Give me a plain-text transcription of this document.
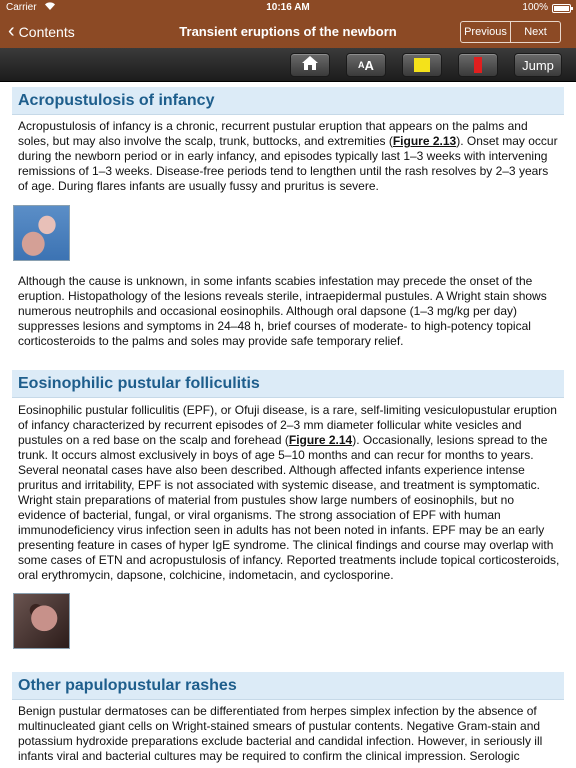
Carrier	10:16 AM	100%
‹ Contents	Transient eruptions of the newborn	Previous	Next
A A	Jump
Acropustulosis of infancy
Acropustulosis of infancy is a chronic, recurrent pustular eruption that appears on the palms and soles, but may also involve the scalp, trunk, buttocks, and extremities (Figure 2.13). Onset may occur during the newborn period or in early infancy, and episodes typically last 1–3 weeks with intervening remissions of 1–3 weeks. Disease-free periods tend to lengthen until the rash resolves by 2–3 years of age. During flares infants are usually fussy and pruritus is severe.
Although the cause is unknown, in some infants scabies infestation may precede the onset of the eruption. Histopathology of the lesions reveals sterile, intraepidermal pustules. A Wright stain shows numerous neutrophils and occasional eosinophils. Although oral dapsone (1–3 mg/kg per day) suppresses lesions and symptoms in 24–48 h, brief courses of moderate- to high-potency topical corticosteroids to the palms and soles may provide safe temporary relief.
Eosinophilic pustular folliculitis
Eosinophilic pustular folliculitis (EPF), or Ofuji disease, is a rare, self-limiting vesiculopustular eruption of infancy characterized by recurrent episodes of 2–3 mm diameter follicular white vesicles and pustules on a red base on the scalp and forehead (Figure 2.14). Occasionally, lesions spread to the trunk. It occurs almost exclusively in boys of age 5–10 months and can recur for months to years. Several neonatal cases have also been described. Although affected infants experience intense pruritus and irritability, EPF is not associated with systemic disease, and treatment is symptomatic. Wright stain preparations of material from pustules show large numbers of eosinophils, but no evidence of bacterial, fungal, or viral organisms. The strong association of EPF with human immunodeficiency virus infection seen in adults has not been noted in infants. EPF may be an early presenting feature in cases of hyper IgE syndrome. The clinical findings and course may overlap with some cases of ETN and acropustulosis of infancy. Reported treatments include topical corticosteroids, oral erythromycin, dapsone, colchicine, indometacin, and cyclosporine.
Other papulopustular rashes
Benign pustular dermatoses can be differentiated from herpes simplex infection by the absence of multinucleated giant cells on Wright-stained smears of pustular contents. Negative Gram-stain and potassium hydroxide preparations exclude bacterial and candidal infection. However, in seriously ill infants viral and bacterial cultures may be required to confirm the clinical impression. Serologic
